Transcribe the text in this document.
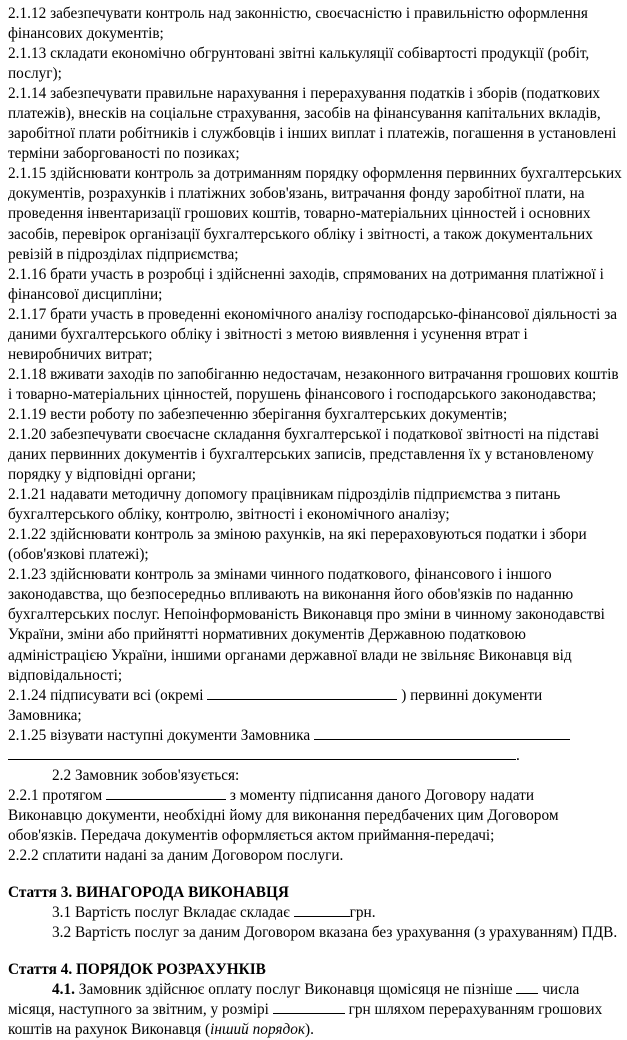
2.1.12 забезпечувати контроль над законністю, своєчасністю і правильністю оформлення
фінансових документів;
2.1.13 складати економічно обгрунтовані звітні калькуляції собівартості продукції (робіт,
послуг);
2.1.14 забезпечувати правильне нарахування і перерахування податків і зборів (податкових
платежів), внесків на соціальне страхування, засобів на фінансування капітальних вкладів,
заробітної плати робітників і службовців і інших виплат і платежів, погашення в установлені
терміни заборгованості по позиках;
2.1.15 здійснювати контроль за дотриманням порядку оформлення первинних бухгалтерських
документів, розрахунків і платіжних зобов'язань, витрачання фонду заробітної плати, на
проведення інвентаризації грошових коштів, товарно-матеріальних цінностей і основних
засобів, перевірок організації бухгалтерського обліку і звітності, а також документальних
ревізій в підрозділах підприємства;
2.1.16 брати участь в розробці і здійсненні заходів, спрямованих на дотримання платіжної і
фінансової дисципліни;
2.1.17 брати участь в проведенні економічного аналізу господарсько-фінансової діяльності за
даними бухгалтерського обліку і звітності з метою виявлення і усунення втрат і
невиробничих витрат;
2.1.18 вживати заходів по запобіганню недостачам, незаконного витрачання грошових коштів
і товарно-матеріальних цінностей, порушень фінансового і господарського законодавства;
2.1.19 вести роботу по забезпеченню зберігання бухгалтерських документів;
2.1.20 забезпечувати своєчасне складання бухгалтерської і податкової звітності на підставі
даних первинних документів і бухгалтерських записів, представлення їх у встановленому
порядку у відповідні органи;
2.1.21 надавати методичну допомогу працівникам підрозділів підприємства з питань
бухгалтерського обліку, контролю, звітності і економічного аналізу;
2.1.22 здійснювати контроль за зміною рахунків, на які перераховуються податки і збори
(обов'язкові платежі);
2.1.23 здійснювати контроль за змінами чинного податкового, фінансового і іншого
законодавства, що безпосередньо впливають на виконання його обов'язків по наданню
бухгалтерських послуг. Непоінформованість Виконавця про зміни в чинному законодавстві
України, зміни або прийнятті нормативних документів Державною податковою
адміністрацією України, іншими органами державної влади не звільняє Виконавця від
відповідальності;
2.1.24 підписувати всі (окремі	) первинні документи
Замовника;
2.1.25 візувати наступні документи Замовника
.
2.2 Замовник зобов'язується:
2.2.1 протягом	з моменту підписання даного Договору надати
Виконавцю документи, необхідні йому для виконання передбачених цим Договором
обов'язків. Передача документів оформляється актом приймання-передачі;
2.2.2 сплатити надані за даним Договором послуги.
Стаття 3. ВИНАГОРОДА ВИКОНАВЦЯ
3.1 Вартість послуг Вкладає складає	грн.
3.2 Вартість послуг за даним Договором вказана без урахування (з урахуванням) ПДВ.
Стаття 4. ПОРЯДОК РОЗРАХУНКІВ
4.1. Замовник здійснює оплату послуг Виконавця щомісяця не пізніше числа
місяця, наступного за звітним, у розмірі	грн шляхом перерахуванням грошових
коштів на рахунок Виконавця (інший порядок).
